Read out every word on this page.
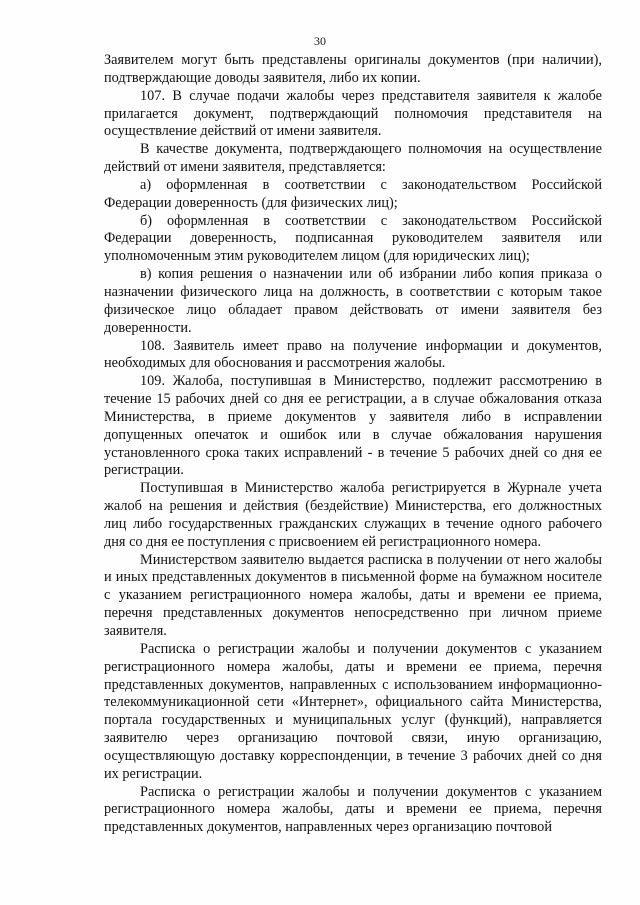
30

Заявителем могут быть представлены оригиналы документов (при наличии), подтверждающие доводы заявителя, либо их копии.

107. В случае подачи жалобы через представителя заявителя к жалобе прилагается документ, подтверждающий полномочия представителя на осуществление действий от имени заявителя.

В качестве документа, подтверждающего полномочия на осуществление действий от имени заявителя, представляется:

а) оформленная в соответствии с законодательством Российской Федерации доверенность (для физических лиц);

б) оформленная в соответствии с законодательством Российской Федерации доверенность, подписанная руководителем заявителя или уполномоченным этим руководителем лицом (для юридических лиц);

в) копия решения о назначении или об избрании либо копия приказа о назначении физического лица на должность, в соответствии с которым такое физическое лицо обладает правом действовать от имени заявителя без доверенности.

108. Заявитель имеет право на получение информации и документов, необходимых для обоснования и рассмотрения жалобы.

109. Жалоба, поступившая в Министерство, подлежит рассмотрению в течение 15 рабочих дней со дня ее регистрации, а в случае обжалования отказа Министерства, в приеме документов у заявителя либо в исправлении допущенных опечаток и ошибок или в случае обжалования нарушения установленного срока таких исправлений - в течение 5 рабочих дней со дня ее регистрации.

Поступившая в Министерство жалоба регистрируется в Журнале учета жалоб на решения и действия (бездействие) Министерства, его должностных лиц либо государственных гражданских служащих в течение одного рабочего дня со дня ее поступления с присвоением ей регистрационного номера.

Министерством заявителю выдается расписка в получении от него жалобы и иных представленных документов в письменной форме на бумажном носителе с указанием регистрационного номера жалобы, даты и времени ее приема, перечня представленных документов непосредственно при личном приеме заявителя.

Расписка о регистрации жалобы и получении документов с указанием регистрационного номера жалобы, даты и времени ее приема, перечня представленных документов, направленных с использованием информационно-телекоммуникационной сети «Интернет», официального сайта Министерства, портала государственных и муниципальных услуг (функций), направляется заявителю через организацию почтовой связи, иную организацию, осуществляющую доставку корреспонденции, в течение 3 рабочих дней со дня их регистрации.

Расписка о регистрации жалобы и получении документов с указанием регистрационного номера жалобы, даты и времени ее приема, перечня представленных документов, направленных через организацию почтовой
